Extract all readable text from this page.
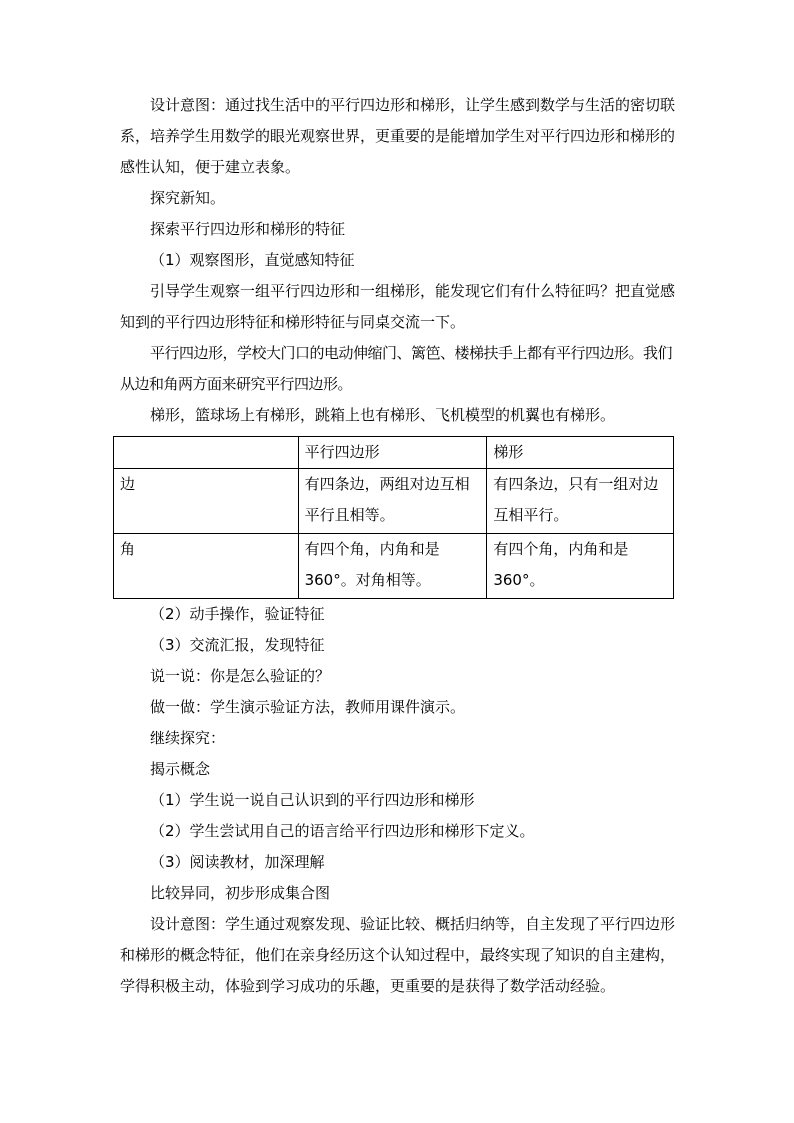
设计意图：通过找生活中的平行四边形和梯形，让学生感到数学与生活的密切联系，培养学生用数学的眼光观察世界，更重要的是能增加学生对平行四边形和梯形的感性认知，便于建立表象。

探究新知。

探索平行四边形和梯形的特征

（1）观察图形，直觉感知特征

引导学生观察一组平行四边形和一组梯形，能发现它们有什么特征吗？把直觉感知到的平行四边形特征和梯形特征与同桌交流一下。

平行四边形，学校大门口的电动伸缩门、篱笆、楼梯扶手上都有平行四边形。我们从边和角两方面来研究平行四边形。

梯形，篮球场上有梯形，跳箱上也有梯形、飞机模型的机翼也有梯形。

	平行四边形	梯形
边	有四条边，两组对边互相平行且相等。	有四条边，只有一组对边互相平行。
角	有四个角，内角和是360°。对角相等。	有四个角，内角和是360°。

（2）动手操作，验证特征

（3）交流汇报，发现特征

说一说：你是怎么验证的？

做一做：学生演示验证方法，教师用课件演示。

继续探究：

揭示概念

（1）学生说一说自己认识到的平行四边形和梯形

（2）学生尝试用自己的语言给平行四边形和梯形下定义。

（3）阅读教材，加深理解

比较异同，初步形成集合图

设计意图：学生通过观察发现、验证比较、概括归纳等，自主发现了平行四边形和梯形的概念特征，他们在亲身经历这个认知过程中，最终实现了知识的自主建构，学得积极主动，体验到学习成功的乐趣，更重要的是获得了数学活动经验。
